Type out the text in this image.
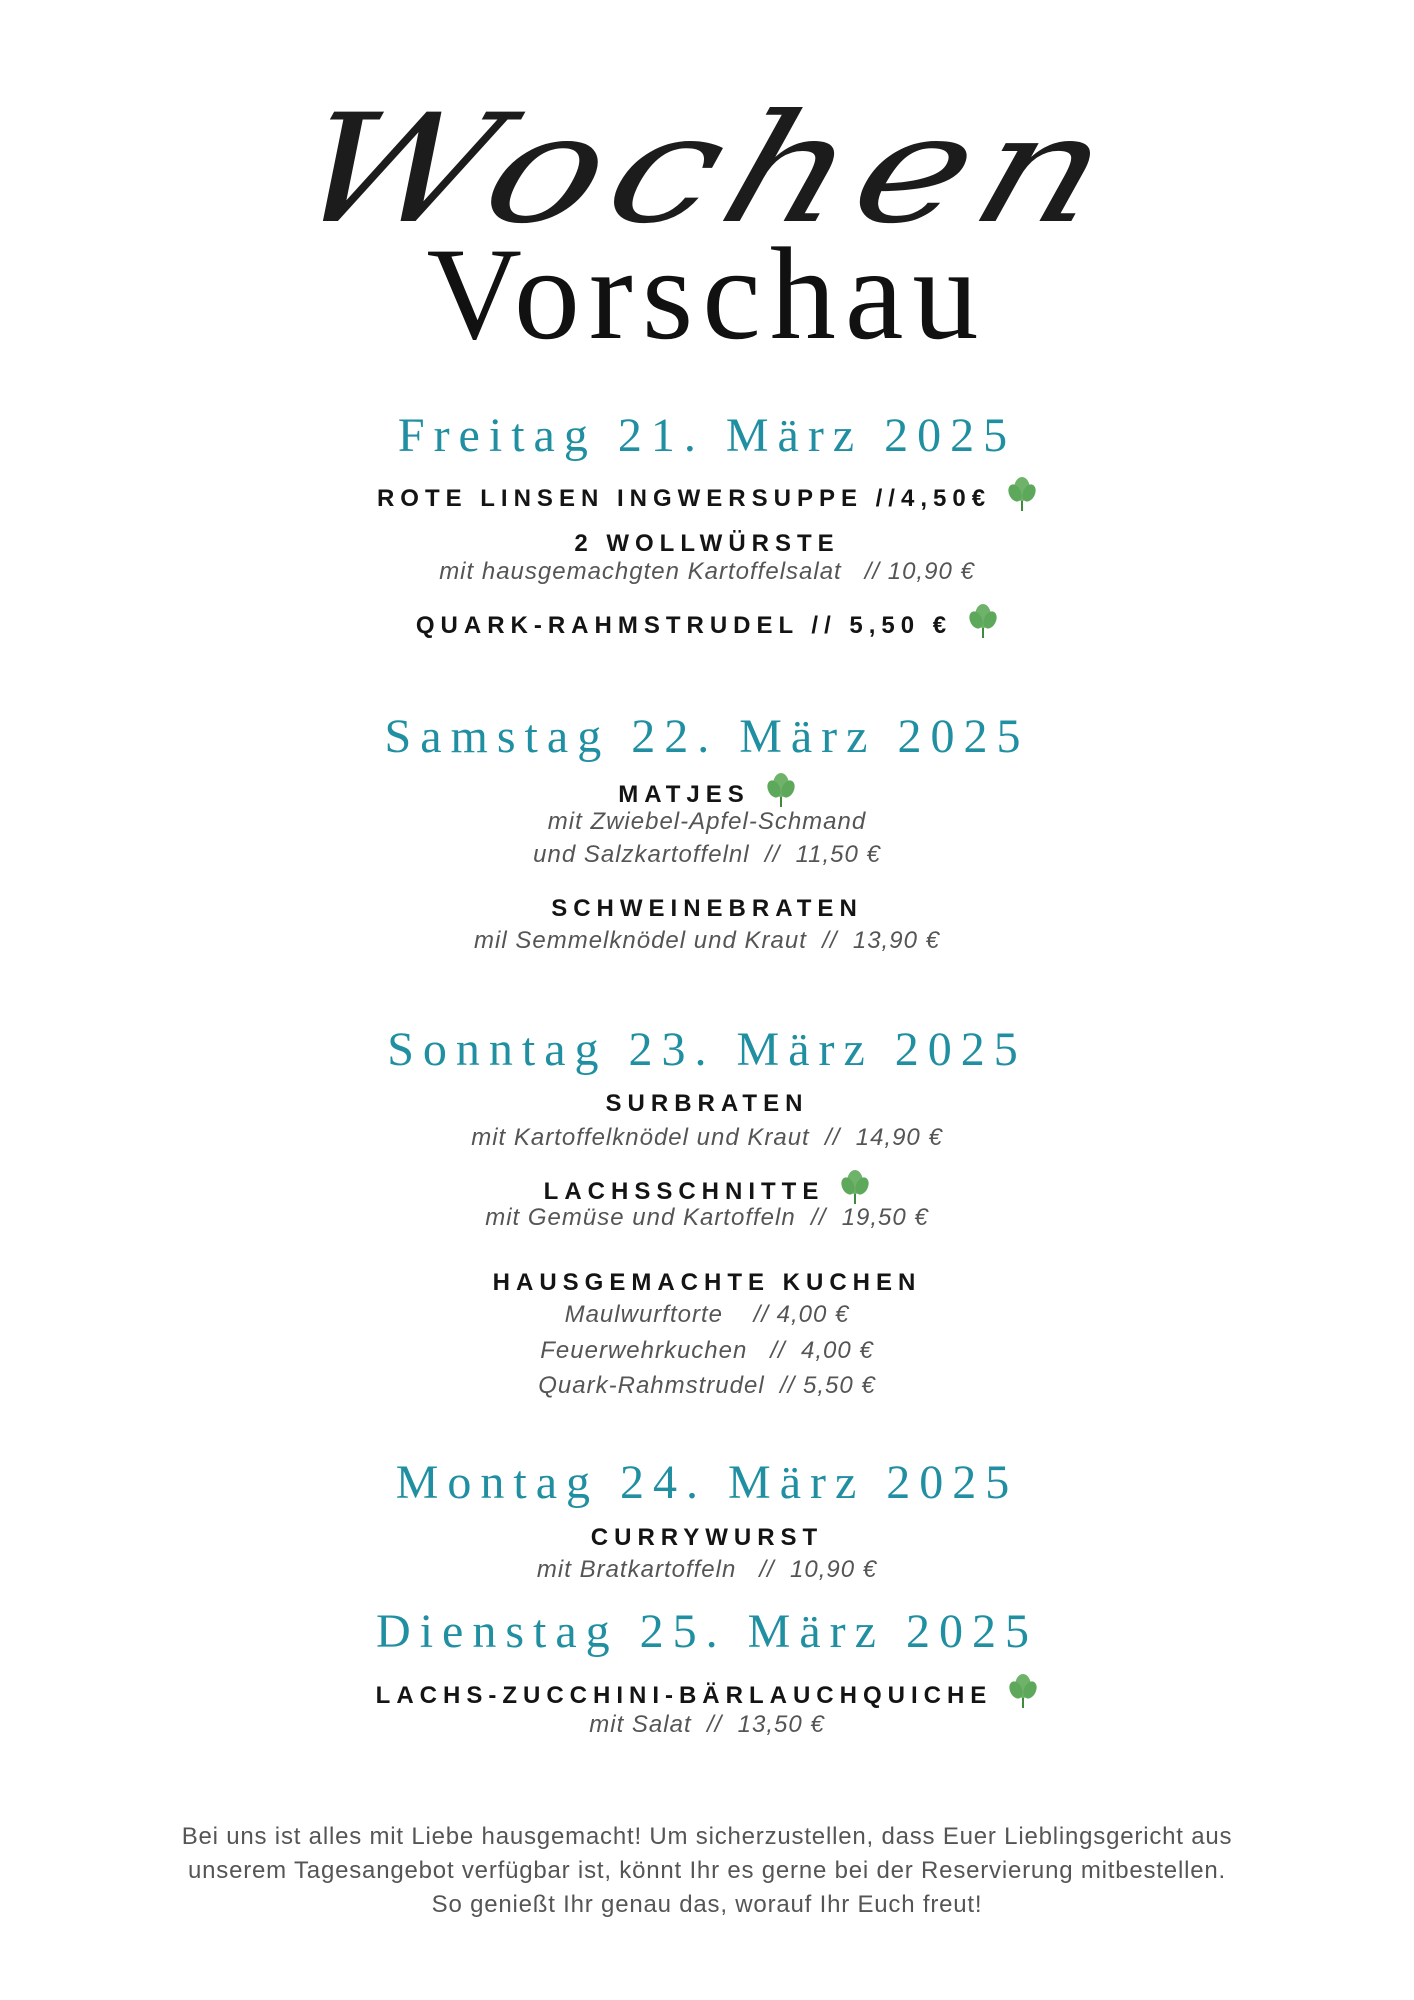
Wochen
Vorschau
Freitag 21. März 2025
ROTE LINSEN INGWERSUPPE //4,50€
2 WOLLWÜRSTE
mit hausgemachgten Kartoffelsalat   // 10,90 €
QUARK-RAHMSTRUDEL // 5,50 €
Samstag 22. März 2025
MATJES
mit Zwiebel-Apfel-Schmand
und Salzkartoffelnl  //  11,50 €
SCHWEINEBRATEN
mil Semmelknödel und Kraut  //  13,90 €
Sonntag 23. März 2025
SURBRATEN
mit Kartoffelknödel und Kraut  //  14,90 €
LACHSSCHNITTE
mit Gemüse und Kartoffeln  //  19,50 €
HAUSGEMACHTE KUCHEN
Maulwurftorte    // 4,00 €
Feuerwehrkuchen   //  4,00 €
Quark-Rahmstrudel  // 5,50 €
Montag 24. März 2025
CURRYWURST
mit Bratkartoffeln   //  10,90 €
Dienstag 25. März 2025
LACHS-ZUCCHINI-BÄRLAUCHQUICHE
mit Salat  //  13,50 €
Bei uns ist alles mit Liebe hausgemacht! Um sicherzustellen, dass Euer Lieblingsgericht aus
unserem Tagesangebot verfügbar ist, könnt Ihr es gerne bei der Reservierung mitbestellen.
So genießt Ihr genau das, worauf Ihr Euch freut!
